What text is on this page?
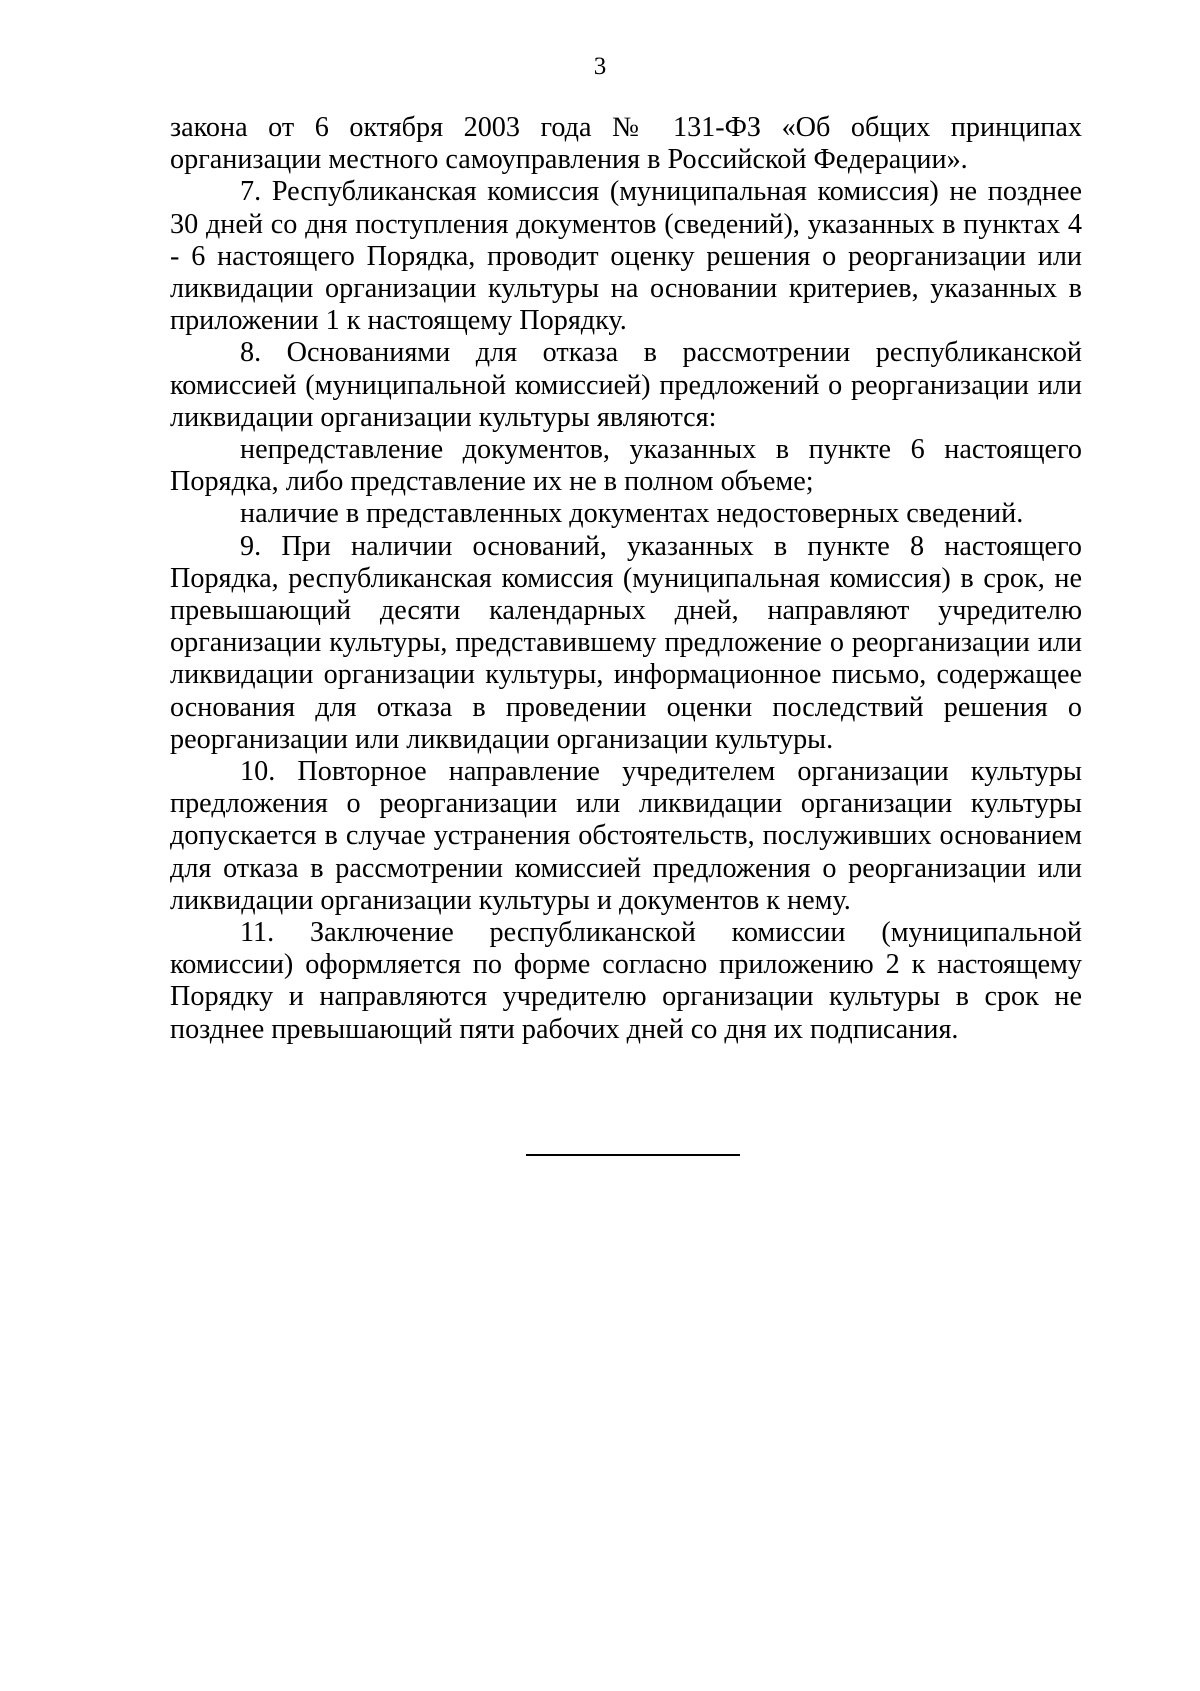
3

закона от 6 октября 2003 года № 131-ФЗ «Об общих принципах организации местного самоуправления в Российской Федерации».

7. Республиканская комиссия (муниципальная комиссия) не позднее 30 дней со дня поступления документов (сведений), указанных в пунктах 4 - 6 настоящего Порядка, проводит оценку решения о реорганизации или ликвидации организации культуры на основании критериев, указанных в приложении 1 к настоящему Порядку.

8. Основаниями для отказа в рассмотрении республиканской комиссией (муниципальной комиссией) предложений о реорганизации или ликвидации организации культуры являются:

непредставление документов, указанных в пункте 6 настоящего Порядка, либо представление их не в полном объеме;

наличие в представленных документах недостоверных сведений.

9. При наличии оснований, указанных в пункте 8 настоящего Порядка, республиканская комиссия (муниципальная комиссия) в срок, не превышающий десяти календарных дней, направляют учредителю организации культуры, представившему предложение о реорганизации или ликвидации организации культуры, информационное письмо, содержащее основания для отказа в проведении оценки последствий решения о реорганизации или ликвидации организации культуры.

10. Повторное направление учредителем организации культуры предложения о реорганизации или ликвидации организации культуры допускается в случае устранения обстоятельств, послуживших основанием для отказа в рассмотрении комиссией предложения о реорганизации или ликвидации организации культуры и документов к нему.

11. Заключение республиканской комиссии (муниципальной комиссии) оформляется по форме согласно приложению 2 к настоящему Порядку и направляются учредителю организации культуры в срок не позднее превышающий пяти рабочих дней со дня их подписания.
